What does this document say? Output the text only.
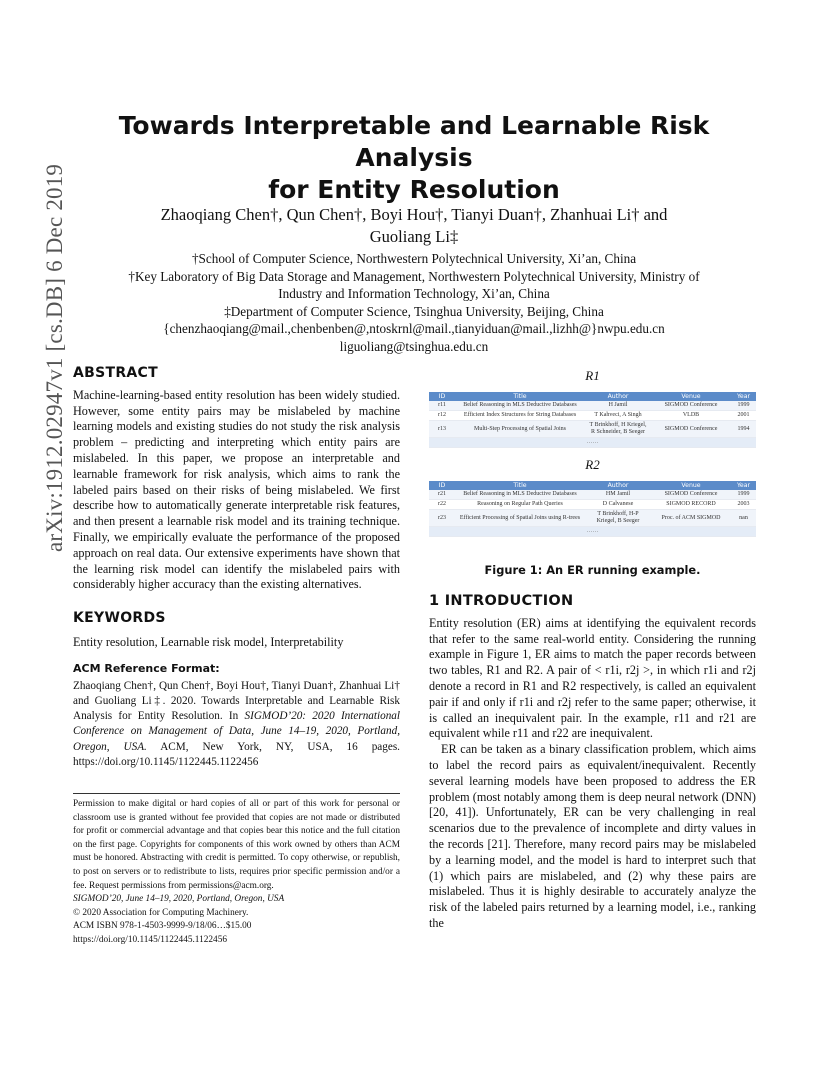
arXiv:1912.02947v1 [cs.DB] 6 Dec 2019
Towards Interpretable and Learnable Risk Analysis
for Entity Resolution
Zhaoqiang Chen†, Qun Chen†, Boyi Hou†, Tianyi Duan†, Zhanhuai Li† and
Guoliang Li‡
†School of Computer Science, Northwestern Polytechnical University, Xi’an, China
†Key Laboratory of Big Data Storage and Management, Northwestern Polytechnical University, Ministry of
Industry and Information Technology, Xi’an, China
‡Department of Computer Science, Tsinghua University, Beijing, China
{chenzhaoqiang@mail.,chenbenben@,ntoskrnl@mail.,tianyiduan@mail.,lizhh@}nwpu.edu.cn
liguoliang@tsinghua.edu.cn
ABSTRACT

Machine-learning-based entity resolution has been widely studied. However, some entity pairs may be mislabeled by machine learning models and existing studies do not study the risk analysis problem – predicting and interpreting which entity pairs are mislabeled. In this paper, we propose an interpretable and learnable framework for risk analysis, which aims to rank the labeled pairs based on their risks of being mislabeled. We first describe how to automatically generate interpretable risk features, and then present a learnable risk model and its training technique. Finally, we empirically evaluate the performance of the proposed approach on real data. Our extensive experiments have shown that the learning risk model can identify the mislabeled pairs with considerably higher accuracy than the existing alternatives.

KEYWORDS

Entity resolution, Learnable risk model, Interpretability

ACM Reference Format:
Zhaoqiang Chen†, Qun Chen†, Boyi Hou†, Tianyi Duan†, Zhanhuai Li† and Guoliang Li‡. 2020. Towards Interpretable and Learnable Risk Analysis for Entity Resolution. In SIGMOD’20: 2020 International Conference on Management of Data, June 14–19, 2020, Portland, Oregon, USA. ACM, New York, NY, USA, 16 pages. https://doi.org/10.1145/1122445.1122456

Permission to make digital or hard copies of all or part of this work for personal or classroom use is granted without fee provided that copies are not made or distributed for profit or commercial advantage and that copies bear this notice and the full citation on the first page. Copyrights for components of this work owned by others than ACM must be honored. Abstracting with credit is permitted. To copy otherwise, or republish, to post on servers or to redistribute to lists, requires prior specific permission and/or a fee. Request permissions from permissions@acm.org.

SIGMOD’20, June 14–19, 2020, Portland, Oregon, USA

© 2020 Association for Computing Machinery.

ACM ISBN 978-1-4503-9999-9/18/06…$15.00

https://doi.org/10.1145/1122445.1122456

R1
ID	Title	Author	Venue	Year
r11	Belief Reasoning in MLS Deductive Databases	H Jamil	SIGMOD Conference	1999
r12	Efficient Index Structures for String Databases	T Kahveci, A Singh	VLDB	2001
r13	Multi-Step Processing of Spatial Joins	T Brinkhoff, H Kriegel, R Schneider, B Seeger	SIGMOD Conference	1994
……				
R2
ID	Title	Author	Venue	Year
r21	Belief Reasoning in MLS Deductive Databases	HM Jamil	SIGMOD Conference	1999
r22	Reasoning on Regular Path Queries	D Calvanese	SIGMOD RECORD	2003
r23	Efficient Processing of Spatial Joins using R-trees	T Brinkhoff, H-P Kriegel, B Seeger	Proc. of ACM SIGMOD	nan
……				
Figure 1: An ER running example.
1 INTRODUCTION

Entity resolution (ER) aims at identifying the equivalent records that refer to the same real-world entity. Considering the running example in Figure 1, ER aims to match the paper records between two tables, R1 and R2. A pair of < r1i, r2j >, in which r1i and r2j denote a record in R1 and R2 respectively, is called an equivalent pair if and only if r1i and r2j refer to the same paper; otherwise, it is called an inequivalent pair. In the example, r11 and r21 are equivalent while r11 and r22 are inequivalent.

ER can be taken as a binary classification problem, which aims to label the record pairs as equivalent/inequivalent. Recently several learning models have been proposed to address the ER problem (most notably among them is deep neural network (DNN) [20, 41]). Unfortunately, ER can be very challenging in real scenarios due to the prevalence of incomplete and dirty values in the records [21]. Therefore, many record pairs may be mislabeled by a learning model, and the model is hard to interpret such that (1) which pairs are mislabeled, and (2) why these pairs are mislabeled. Thus it is highly desirable to accurately analyze the risk of the labeled pairs returned by a learning model, i.e., ranking the
